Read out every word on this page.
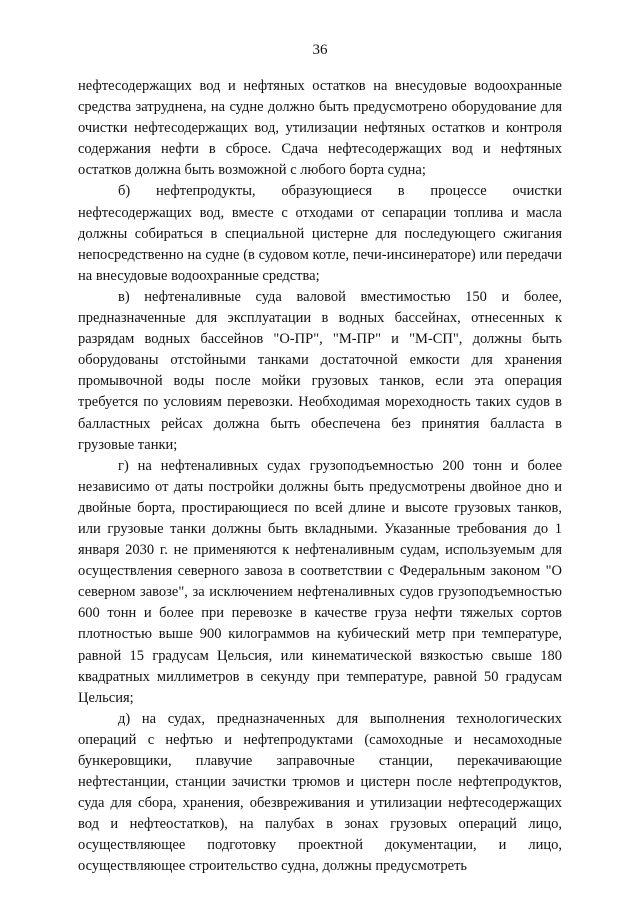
36

нефтесодержащих вод и нефтяных остатков на внесудовые водоохранные средства затруднена, на судне должно быть предусмотрено оборудование для очистки нефтесодержащих вод, утилизации нефтяных остатков и контроля содержания нефти в сбросе. Сдача нефтесодержащих вод и нефтяных остатков должна быть возможной с любого борта судна;

б) нефтепродукты, образующиеся в процессе очистки нефтесодержащих вод, вместе с отходами от сепарации топлива и масла должны собираться в специальной цистерне для последующего сжигания непосредственно на судне (в судовом котле, печи-инсинераторе) или передачи на внесудовые водоохранные средства;

в) нефтеналивные суда валовой вместимостью 150 и более, предназначенные для эксплуатации в водных бассейнах, отнесенных к разрядам водных бассейнов "О-ПР", "М-ПР" и "М-СП", должны быть оборудованы отстойными танками достаточной емкости для хранения промывочной воды после мойки грузовых танков, если эта операция требуется по условиям перевозки. Необходимая мореходность таких судов в балластных рейсах должна быть обеспечена без принятия балласта в грузовые танки;

г) на нефтеналивных судах грузоподъемностью 200 тонн и более независимо от даты постройки должны быть предусмотрены двойное дно и двойные борта, простирающиеся по всей длине и высоте грузовых танков, или грузовые танки должны быть вкладными. Указанные требования до 1 января 2030 г. не применяются к нефтеналивным судам, используемым для осуществления северного завоза в соответствии с Федеральным законом "О северном завозе", за исключением нефтеналивных судов грузоподъемностью 600 тонн и более при перевозке в качестве груза нефти тяжелых сортов плотностью выше 900 килограммов на кубический метр при температуре, равной 15 градусам Цельсия, или кинематической вязкостью свыше 180 квадратных миллиметров в секунду при температуре, равной 50 градусам Цельсия;

д) на судах, предназначенных для выполнения технологических операций с нефтью и нефтепродуктами (самоходные и несамоходные бункеровщики, плавучие заправочные станции, перекачивающие нефтестанции, станции зачистки трюмов и цистерн после нефтепродуктов, суда для сбора, хранения, обезвреживания и утилизации нефтесодержащих вод и нефтеостатков), на палубах в зонах грузовых операций лицо, осуществляющее подготовку проектной документации, и лицо, осуществляющее строительство судна, должны предусмотреть
